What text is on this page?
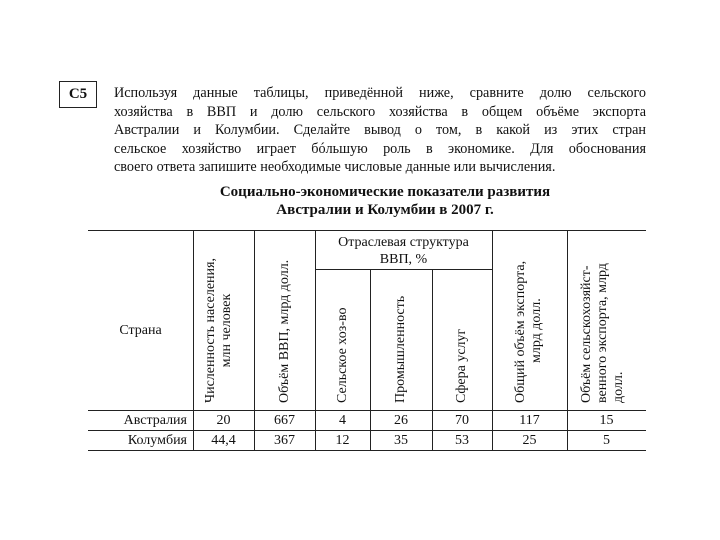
С5	Используя данные таблицы, приведённой ниже, сравните долю сельского
хозяйства в ВВП и долю сельского хозяйства в общем объёме экспорта
Австралии и Колумбии. Сделайте вывод о том, в какой из этих стран
сельское хозяйство играет бóльшую роль в экономике. Для обоснования
своего ответа запишите необходимые числовые данные или вычисления.
Социально-экономические показатели развития
Австралии и Колумбии в 2007 г.
Страна	Численность населения, млн человек	Объём ВВП, млрд долл.
Отраслевая структура
ВВП, %
Сельское хоз-во	Промышленность	Сфера услуг	Общий объём экспорта, млрд долл.	Объём сельскохозяйст- венного экспорта, млрд долл.
Австралия	20	667	4	26	70	117	15
Колумбия	44,4	367	12	35	53	25	5
